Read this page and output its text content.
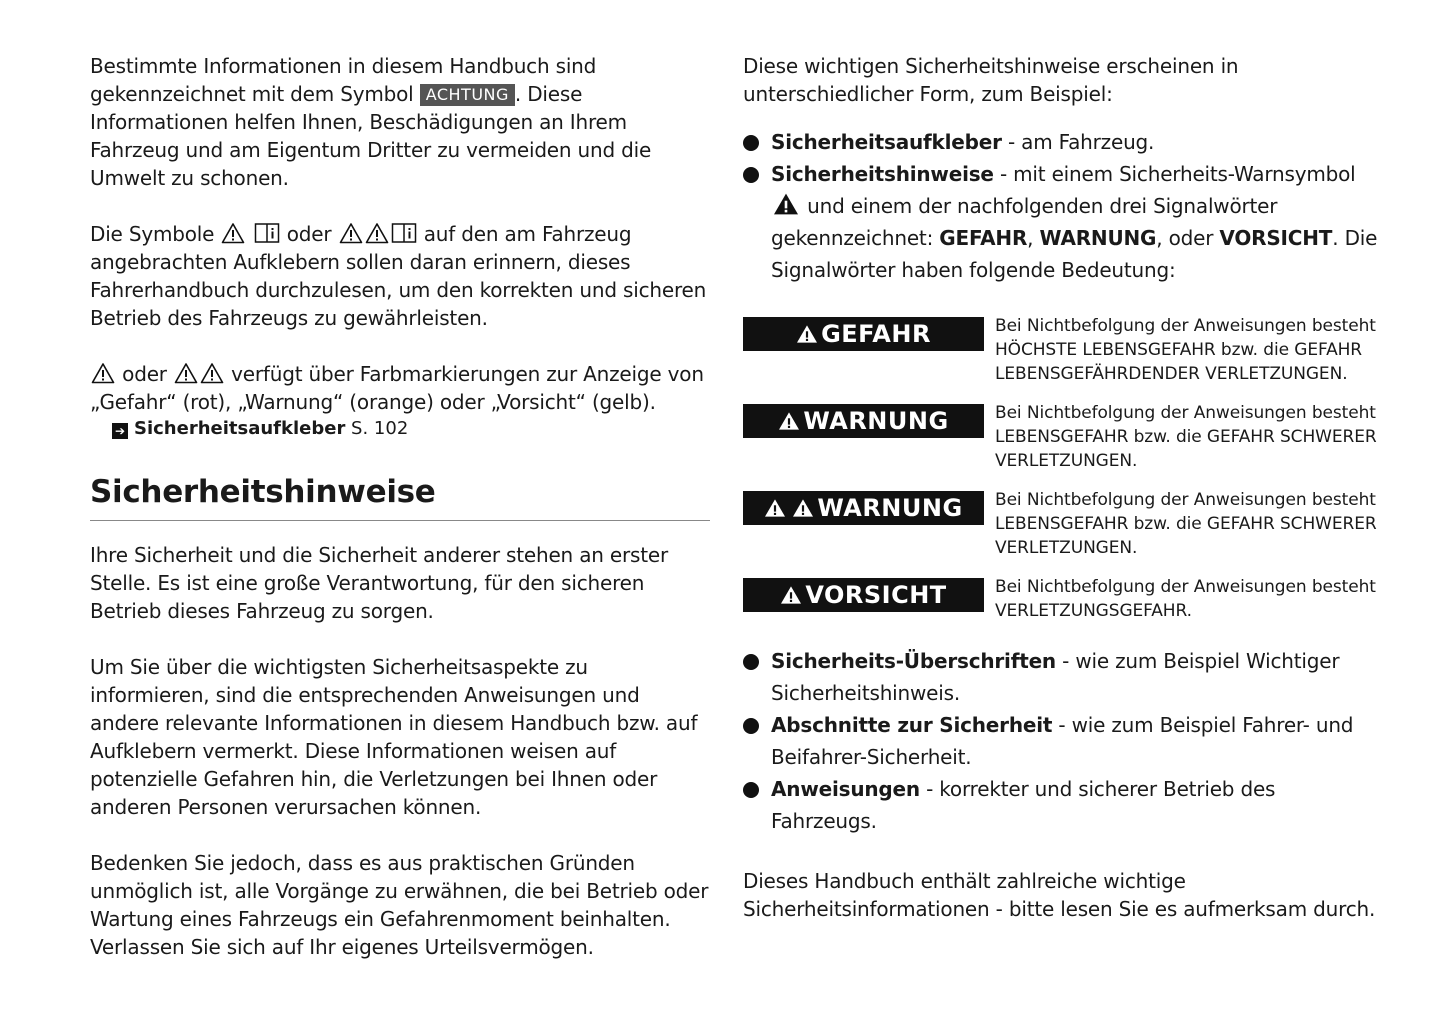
Bestimmte Informationen in diesem Handbuch sind gekennzeichnet mit dem Symbol ACHTUNG . Diese Informationen helfen Ihnen, Beschädigungen an Ihrem Fahrzeug und am Eigentum Dritter zu vermeiden und die Umwelt zu schonen.

Die Symbole	oder	auf den am Fahrzeug angebrachten Aufklebern sollen daran erinnern, dieses Fahrerhandbuch durchzulesen, um den korrekten und sicheren Betrieb des Fahrzeugs zu gewährleisten.

oder	verfügt über Farbmarkierungen zur Anzeige von „Gefahr“ (rot), „Warnung“ (orange) oder „Vorsicht“ (gelb).

➔ Sicherheitsaufkleber S. 102
Sicherheitshinweise

Ihre Sicherheit und die Sicherheit anderer stehen an erster Stelle. Es ist eine große Verantwortung, für den sicheren Betrieb dieses Fahrzeug zu sorgen.

Um Sie über die wichtigsten Sicherheitsaspekte zu informieren, sind die entsprechenden Anweisungen und andere relevante Informationen in diesem Handbuch bzw. auf Aufklebern vermerkt. Diese Informationen weisen auf potenzielle Gefahren hin, die Verletzungen bei Ihnen oder anderen Personen verursachen können.

Bedenken Sie jedoch, dass es aus praktischen Gründen unmöglich ist, alle Vorgänge zu erwähnen, die bei Betrieb oder Wartung eines Fahrzeugs ein Gefahrenmoment beinhalten. Verlassen Sie sich auf Ihr eigenes Urteilsvermögen.

Diese wichtigen Sicherheitshinweise erscheinen in unterschiedlicher Form, zum Beispiel:

Sicherheitsaufkleber - am Fahrzeug.
Sicherheitshinweise - mit einem Sicherheits-Warnsymbol  und einem der nachfolgenden drei Signalwörter gekennzeichnet: GEFAHR, WARNUNG, oder VORSICHT. Die Signalwörter haben folgende Bedeutung:
GEFAHR	Bei Nichtbefolgung der Anweisungen besteht HÖCHSTE LEBENSGEFAHR bzw. die GEFAHR LEBENSGEFÄHRDENDER VERLETZUNGEN.
WARNUNG	Bei Nichtbefolgung der Anweisungen besteht LEBENSGEFAHR bzw. die GEFAHR SCHWERER VERLETZUNGEN.
WARNUNG Bei Nichtbefolgung der Anweisungen besteht LEBENSGEFAHR bzw. die GEFAHR SCHWERER VERLETZUNGEN.
VORSICHT	Bei Nichtbefolgung der Anweisungen besteht VERLETZUNGSGEFAHR.
Sicherheits-Überschriften - wie zum Beispiel Wichtiger Sicherheitshinweis.
Abschnitte zur Sicherheit - wie zum Beispiel Fahrer- und Beifahrer-Sicherheit.
Anweisungen - korrekter und sicherer Betrieb des Fahrzeugs.

Dieses Handbuch enthält zahlreiche wichtige Sicherheitsinformationen - bitte lesen Sie es aufmerksam durch.
